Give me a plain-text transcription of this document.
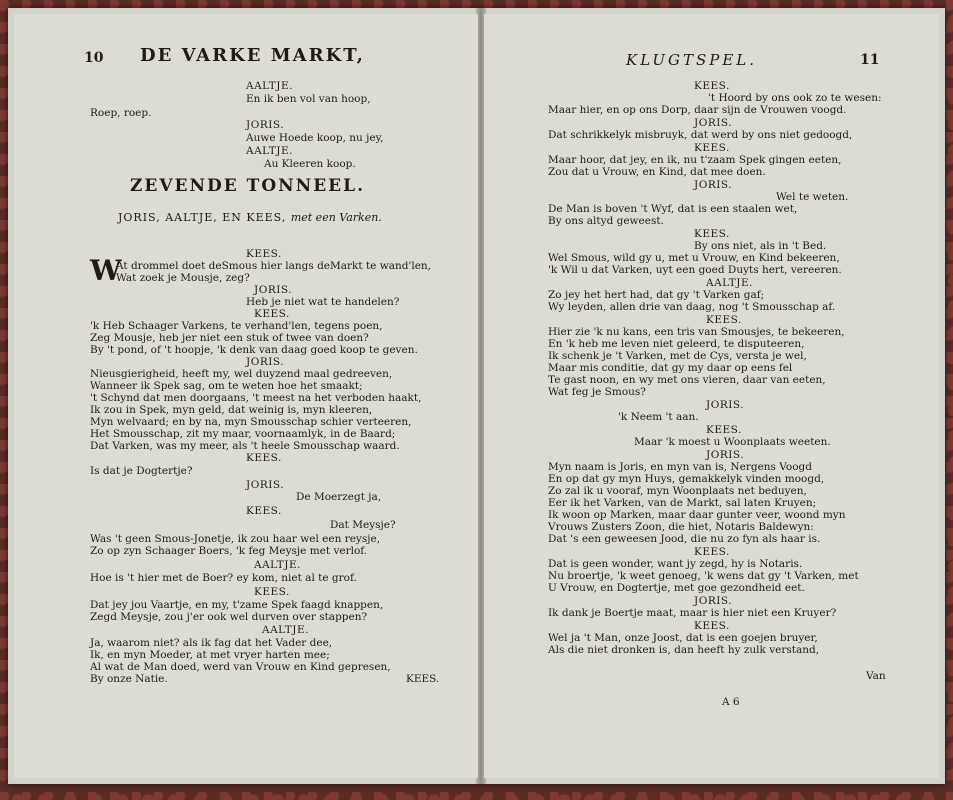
10 DE VARKE MARKT,
ZEVENDE TONNEEL.
JORIS, AALTJE, EN KEES, met een Varken.
W
KEES.
AALTJE.
En ik ben vol van hoop,
Roep, roep.
JORIS.
Auwe Hoede koop, nu jey,
AALTJE.
Au Kleeren koop.
KEES.
At drommel doet deSmous hier langs deMarkt te wand'len,
Wat zoek je Mousje, zeg?
JORIS.
Heb je niet wat te handelen?
KEES.
'k Heb Schaager Varkens, te verhand'len, tegens poen,
Zeg Mousje, heb jer niet een stuk of twee van doen?
By 't pond, of 't hoopje, 'k denk van daag goed koop te geven.
JORIS.
Nieusgierigheid, heeft my, wel duyzend maal gedreeven,
Wanneer ik Spek sag, om te weten hoe het smaakt;
't Schynd dat men doorgaans, 't meest na het verboden haakt,
Ik zou in Spek, myn geld, dat weinig is, myn kleeren,
Myn welvaard; en by na, myn Smousschap schier verteeren,
Het Smousschap, zit my maar, voornaamlyk, in de Baard;
Dat Varken, was my meer, als 't heele Smousschap waard.
KEES.
Is dat je Dogtertje?
JORIS.
De Moerzegt ja,
KEES.
Dat Meysje?
Was 't geen Smous-Jonetje, ik zou haar wel een reysje,
Zo op zyn Schaager Boers, 'k feg Meysje met verlof.
AALTJE.
Hoe is 't hier met de Boer? ey kom, niet al te grof.
KEES.
Dat jey jou Vaartje, en my, t'zame Spek faagd knappen,
Zegd Meysje, zou j'er ook wel durven over stappen?
AALTJE.
Ja, waarom niet? als ik fag dat het Vader dee,
Ik, en myn Moeder, at met vryer harten mee;
Al wat de Man doed, werd van Vrouw en Kind gepresen,
By onze Natie.
KLUGTSPEL.	11
A 6
Van
KEES.
't Hoord by ons ook zo te wesen:
Maar hier, en op ons Dorp, daar sijn de Vrouwen voogd.
JORIS.
Dat schrikkelyk misbruyk, dat werd by ons niet gedoogd,
KEES.
Maar hoor, dat jey, en ik, nu t'zaam Spek gingen eeten,
Zou dat u Vrouw, en Kind, dat mee doen.
JORIS.
Wel te weten.
De Man is boven 't Wyf, dat is een staalen wet,
By ons altyd geweest.
KEES.
By ons niet, als in 't Bed.
Wel Smous, wild gy u, met u Vrouw, en Kind bekeeren,
'k Wil u dat Varken, uyt een goed Duyts hert, vereeren.
AALTJE.
Zo jey het hert had, dat gy 't Varken gaf;
Wy leyden, allen drie van daag, nog 't Smousschap af.
KEES.
Hier zie 'k nu kans, een tris van Smousjes, te bekeeren,
En 'k heb me leven niet geleerd, te disputeeren,
Ik schenk je 't Varken, met de Cys, versta je wel,
Maar mis conditie, dat gy my daar op eens fel
Te gast noon, en wy met ons vieren, daar van eeten,
Wat feg je Smous?
JORIS.
'k Neem 't aan.
KEES.
Maar 'k moest u Woonplaats weeten.
JORIS.
Myn naam is Joris, en myn van is, Nergens Voogd
En op dat gy myn Huys, gemakkelyk vinden moogd,
Zo zal ik u vooraf, myn Woonplaats net beduyen,
Eer ik het Varken, van de Markt, sal laten Kruyen;
Ik woon op Marken, maar daar gunter veer, woond myn
Vrouws Zusters Zoon, die hiet, Notaris Baldewyn:
Dat 's een geweesen Jood, die nu zo fyn als haar is.
KEES.
Dat is geen wonder, want jy zegd, hy is Notaris.
Nu broertje, 'k weet genoeg, 'k wens dat gy 't Varken, met
U Vrouw, en Dogtertje, met goe gezondheid eet.
JORIS.
Ik dank je Boertje maat, maar is hier niet een Kruyer?
KEES.
Wel ja 't Man, onze Joost, dat is een goejen bruyer,
Als die niet dronken is, dan heeft hy zulk verstand,
